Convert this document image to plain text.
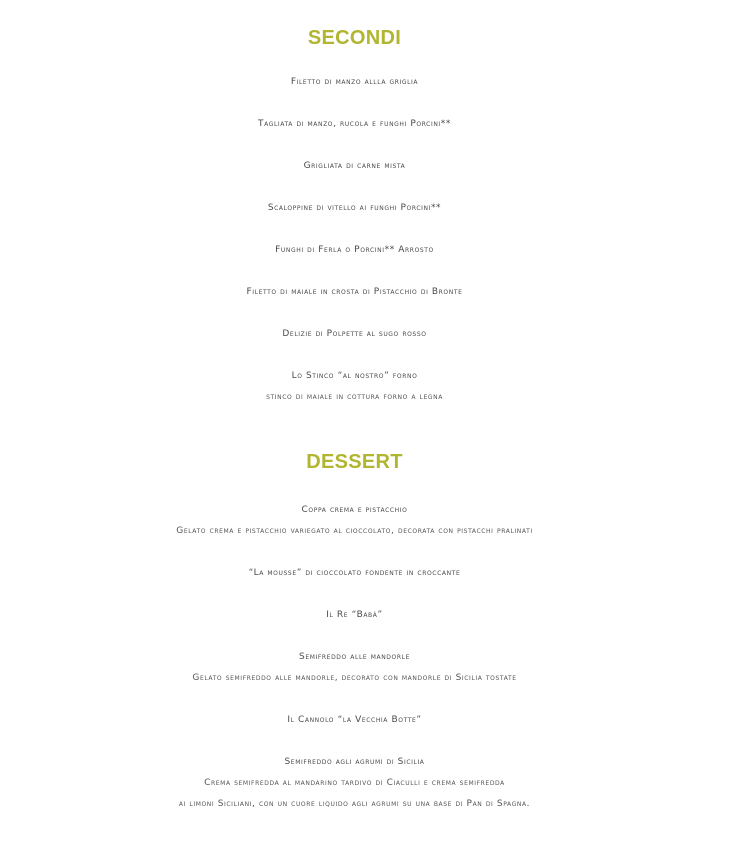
SECONDI
Filetto di manzo allla griglia
Tagliata di manzo, rucola e funghi Porcini**
Grigliata di carne mista
Scaloppine di vitello ai funghi Porcini**
Funghi di Ferla o Porcini** Arrosto
Filetto di maiale in crosta di Pistacchio di Bronte
Delizie di Polpette al sugo rosso
Lo Stinco “al nostro” forno
stinco di maiale in cottura forno a legna
DESSERT
Coppa crema e pistacchio
Gelato crema e pistacchio variegato al cioccolato, decorata con pistacchi pralinati
“La mousse” di cioccolato fondente in croccante
Il Re “Babà”
Semifreddo alle mandorle
Gelato semifreddo alle mandorle, decorato con mandorle di Sicilia tostate
Il Cannolo “la Vecchia Botte”
Semifreddo agli agrumi di Sicilia
Crema semifredda al mandarino tardivo di Ciaculli e crema semifredda
ai limoni Siciliani, con un cuore liquido agli agrumi su una base di Pan di Spagna.
